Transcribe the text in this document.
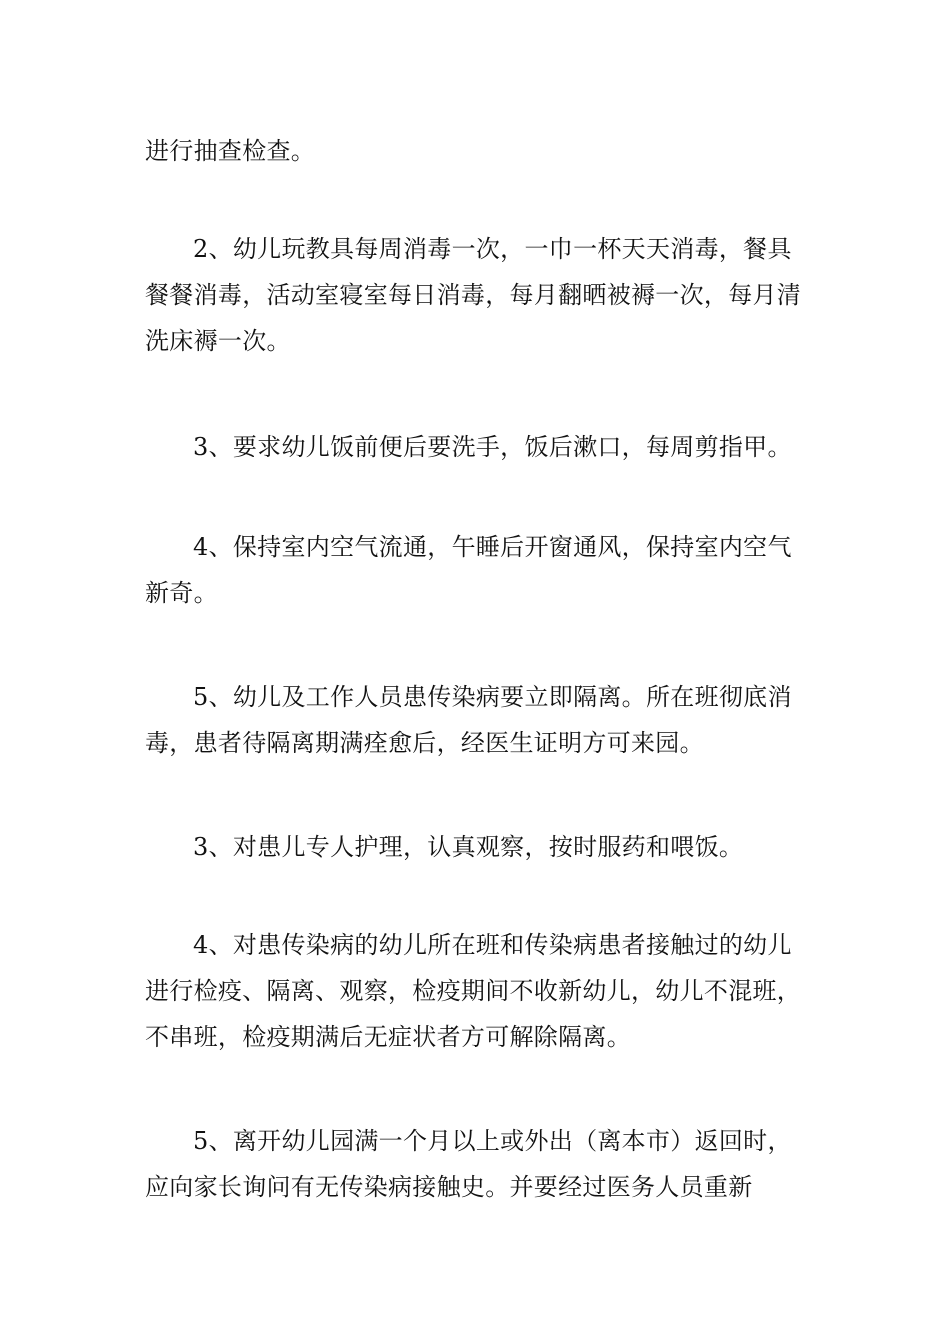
进行抽查检查。

2、幼儿玩教具每周消毒一次，一巾一杯天天消毒，餐具餐餐消毒，活动室寝室每日消毒，每月翻晒被褥一次，每月清洗床褥一次。

3、要求幼儿饭前便后要洗手，饭后漱口，每周剪指甲。

4、保持室内空气流通，午睡后开窗通风，保持室内空气新奇。

5、幼儿及工作人员患传染病要立即隔离。所在班彻底消毒，患者待隔离期满痊愈后，经医生证明方可来园。

3、对患儿专人护理，认真观察，按时服药和喂饭。

4、对患传染病的幼儿所在班和传染病患者接触过的幼儿进行检疫、隔离、观察，检疫期间不收新幼儿，幼儿不混班，不串班，检疫期满后无症状者方可解除隔离。

5、离开幼儿园满一个月以上或外出（离本市）返回时，应向家长询问有无传染病接触史。并要经过医务人员重新
